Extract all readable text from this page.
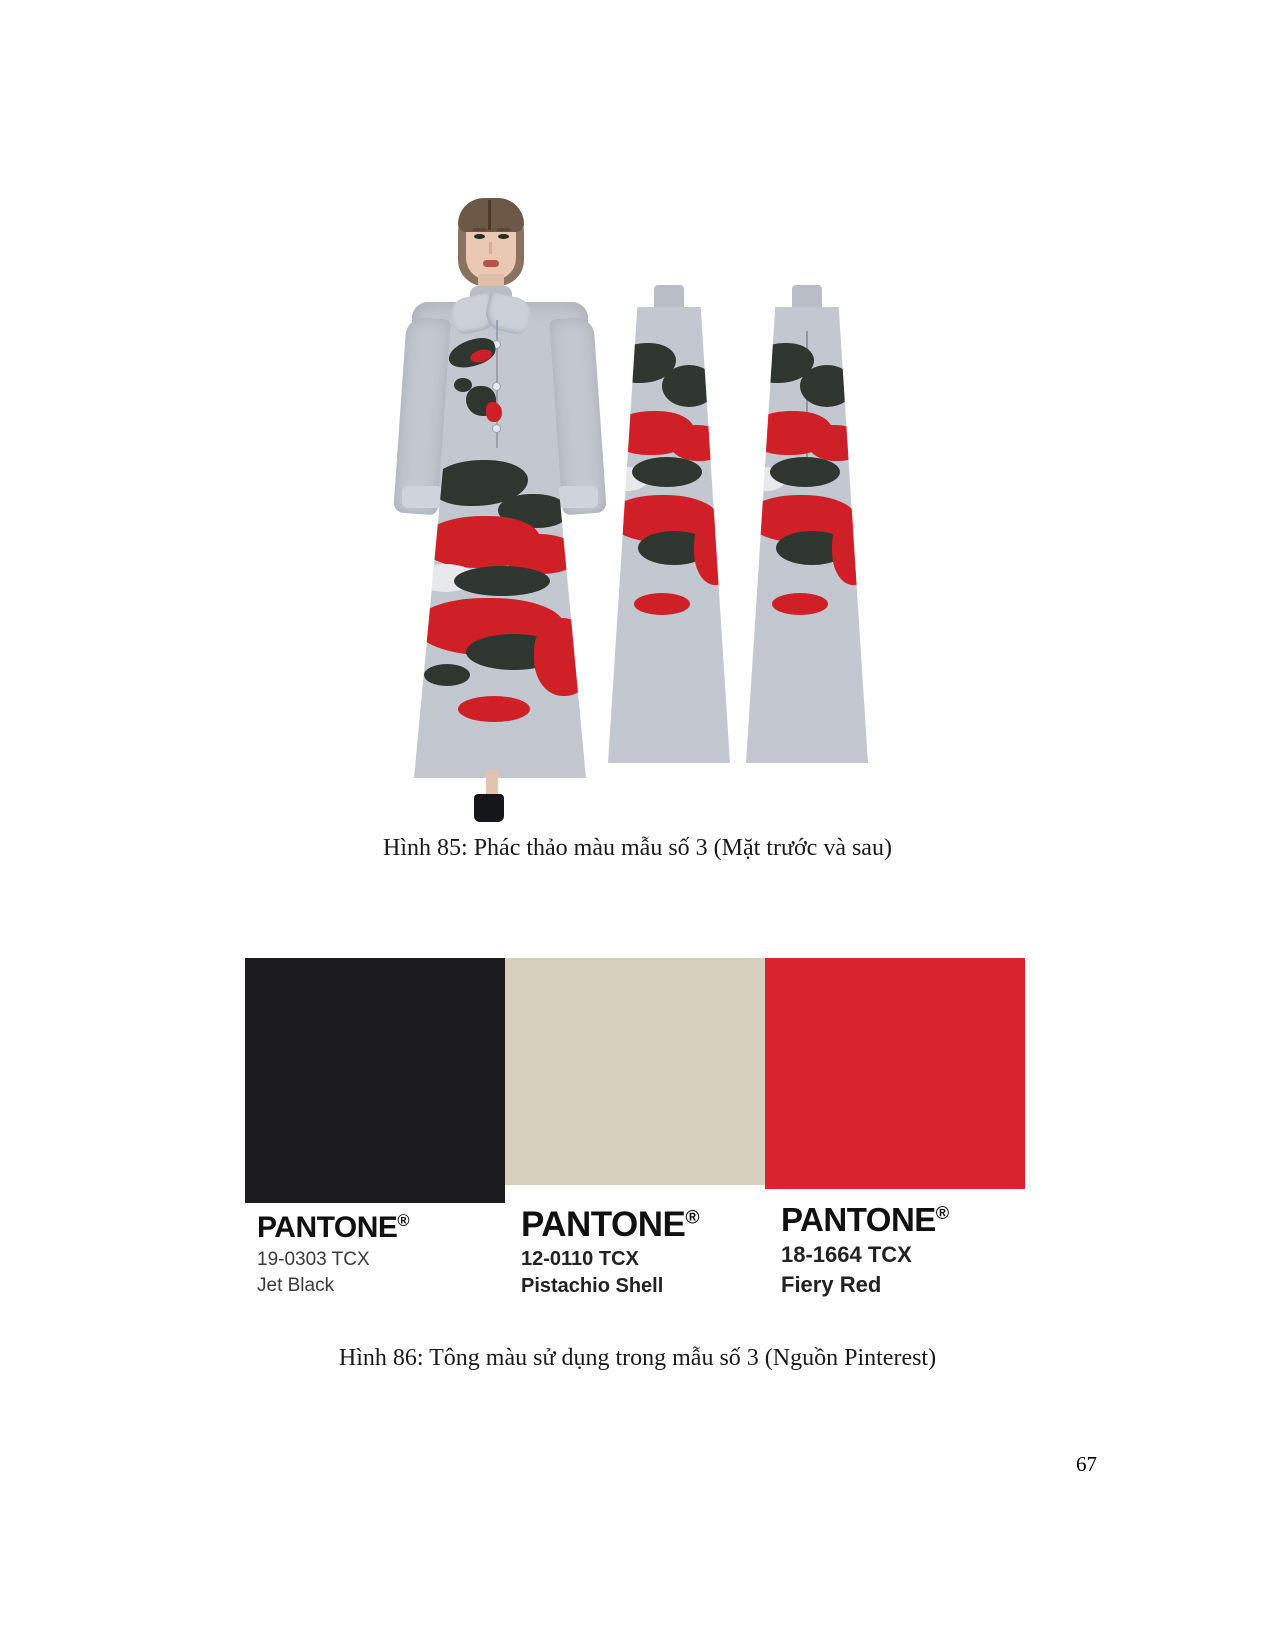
Hình 85: Phác thảo màu mẫu số 3 (Mặt trước và sau)
PANTONE®
19-0303 TCX
Jet Black
PANTONE®
12-0110 TCX
Pistachio Shell
PANTONE®
18-1664 TCX
Fiery Red
Hình 86: Tông màu sử dụng trong mẫu số 3 (Nguồn Pinterest)
67
